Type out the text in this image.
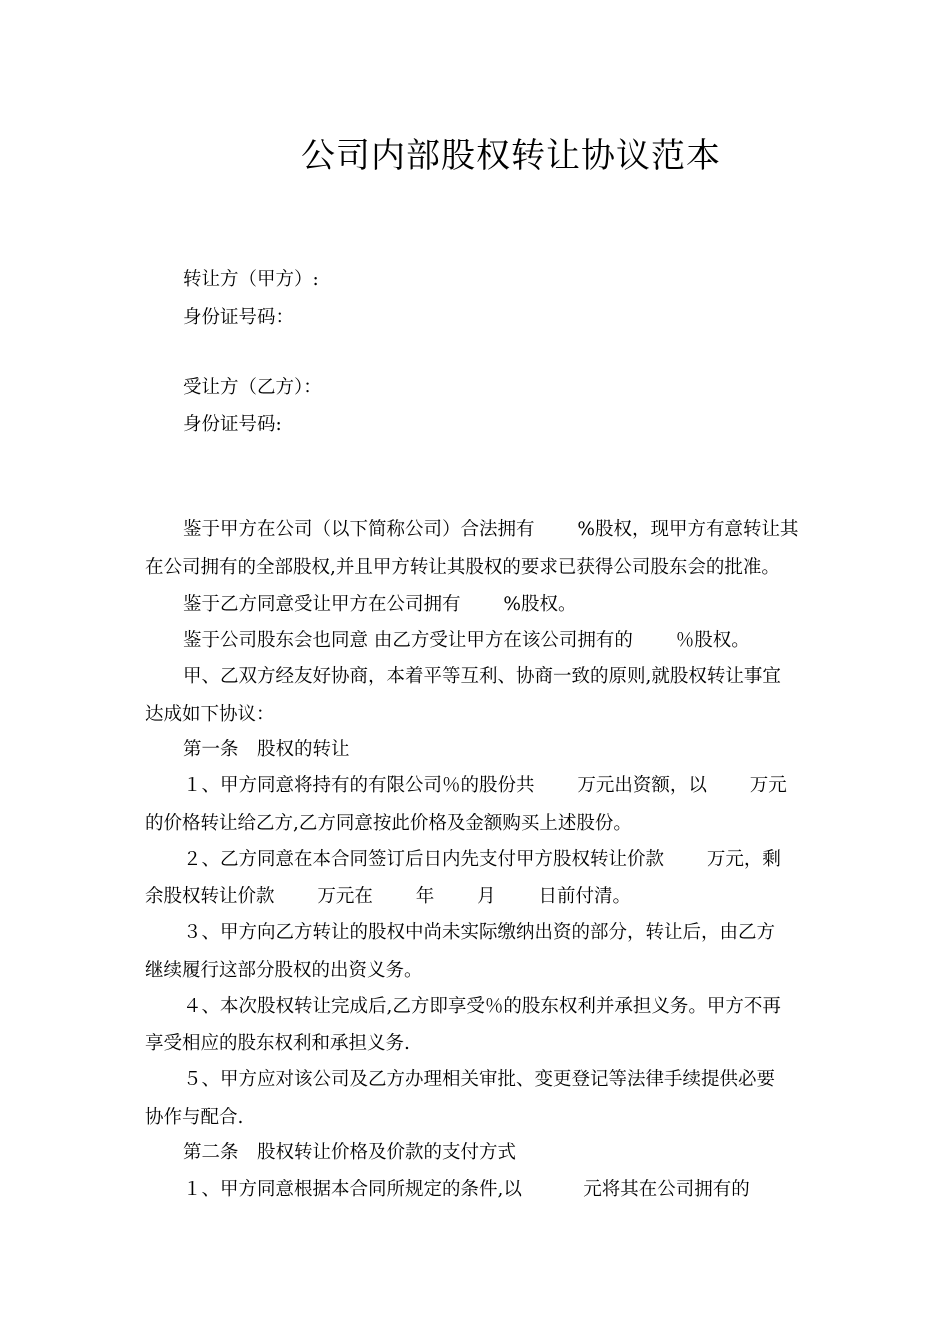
公司内部股权转让协议范本
转让方（甲方）:
身份证号码：
受让方（乙方）：
身份证号码:
鉴于甲方在公司（以下简称公司）合法拥有　　 %股权，现甲方有意转让其
在公司拥有的全部股权,并且甲方转让其股权的要求已获得公司股东会的批准。
鉴于乙方同意受让甲方在公司拥有　　 %股权。
鉴于公司股东会也同意 由乙方受让甲方在该公司拥有的　　 ％股权。
甲、乙双方经友好协商，本着平等互利、协商一致的原则,就股权转让事宜
达成如下协议：
第一条　股权的转让
１、甲方同意将持有的有限公司％的股份共　　 万元出资额，以　　 万元
的价格转让给乙方,乙方同意按此价格及金额购买上述股份。
２、乙方同意在本合同签订后日内先支付甲方股权转让价款　　 万元，剩
余股权转让价款　　 万元在　　 年　　 月　　 日前付清。
３、甲方向乙方转让的股权中尚未实际缴纳出资的部分，转让后，由乙方
继续履行这部分股权的出资义务。
４、本次股权转让完成后,乙方即享受％的股东权利并承担义务。甲方不再
享受相应的股东权利和承担义务.
５、甲方应对该公司及乙方办理相关审批、变更登记等法律手续提供必要
协作与配合.
第二条　股权转让价格及价款的支付方式
１、甲方同意根据本合同所规定的条件,以　　　 元将其在公司拥有的
